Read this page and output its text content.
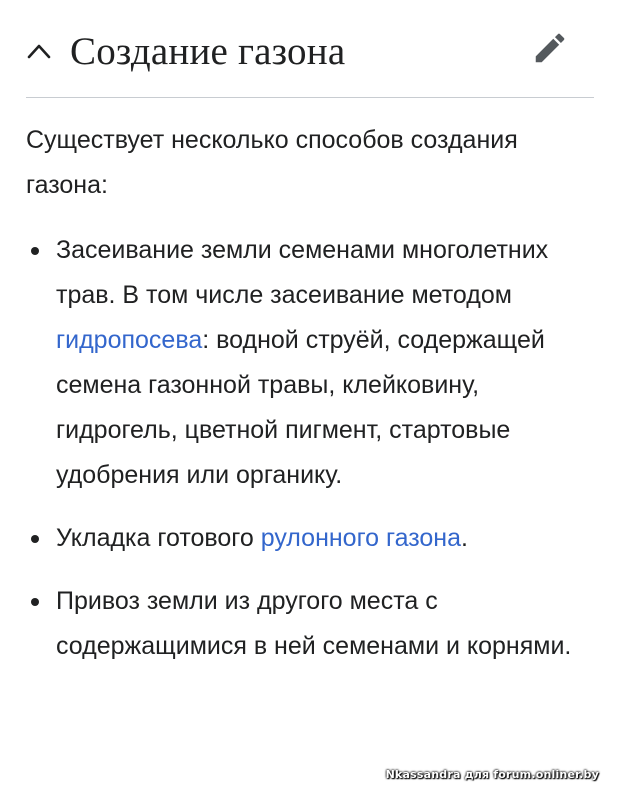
Создание газона

Существует несколько способов создания газона:

Засеивание земли семенами многолетних трав. В том числе засеивание методом гидропосева: водной струёй, содержащей семена газонной травы, клейковину, гидрогель, цветной пигмент, стартовые удобрения или органику.
Укладка готового рулонного газона.
Привоз земли из другого места с содержащимися в ней семенами и корнями.
Nkassandra для forum.onliner.by
